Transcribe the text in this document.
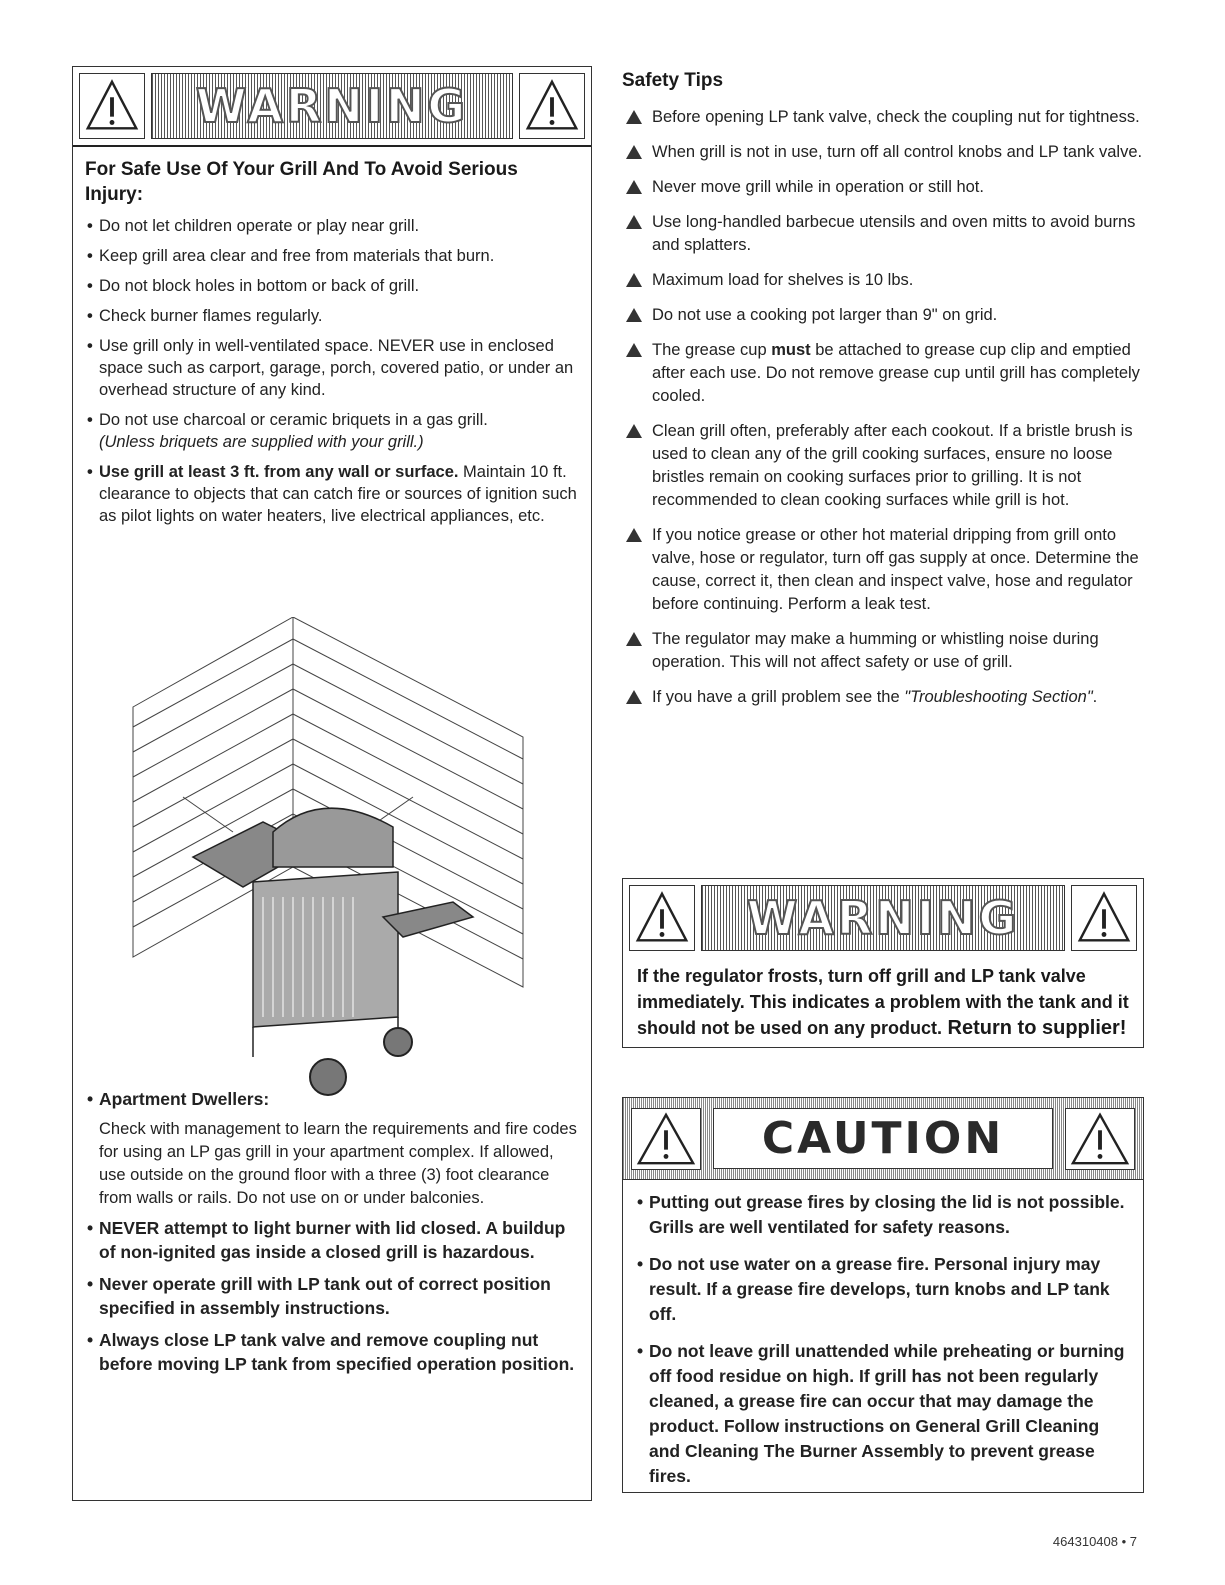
WARNING
For Safe Use Of Your Grill And To Avoid Serious Injury:
• Do not let children operate or play near grill.
• Keep grill area clear and free from materials that burn.
• Do not block holes in bottom or back of grill.
• Check burner flames regularly.
• Use grill only in well-ventilated space. NEVER use in enclosed space such as carport, garage, porch, covered patio, or under an overhead structure of any kind.
• Do not use charcoal or ceramic briquets in a gas grill.
(Unless briquets are supplied with your grill.)
• Use grill at least 3 ft. from any wall or surface. Maintain 10 ft. clearance to objects that can catch fire or sources of ignition such as pilot lights on water heaters, live electrical appliances, etc.
• Apartment Dwellers:

Check with management to learn the requirements and fire codes for using an LP gas grill in your apartment complex. If allowed, use outside on the ground floor with a three (3) foot clearance from walls or rails. Do not use on or under balconies.

• NEVER attempt to light burner with lid closed. A buildup of non-ignited gas inside a closed grill is hazardous.
• Never operate grill with LP tank out of correct position specified in assembly instructions.
• Always close LP tank valve and remove coupling nut before moving LP tank from specified operation position.
Safety Tips
Before opening LP tank valve, check the coupling nut for tightness.
When grill is not in use, turn off all control knobs and LP tank valve.
Never move grill while in operation or still hot.
Use long-handled barbecue utensils and oven mitts to avoid burns and splatters.
Maximum load for shelves is 10 lbs.
Do not use a cooking pot larger than 9" on grid.
The grease cup must be attached to grease cup clip and emptied after each use. Do not remove grease cup until grill has completely cooled.
Clean grill often, preferably after each cookout. If a bristle brush is used to clean any of the grill cooking surfaces, ensure no loose bristles remain on cooking surfaces prior to grilling. It is not recommended to clean cooking surfaces while grill is hot.
If you notice grease or other hot material dripping from grill onto valve, hose or regulator, turn off gas supply at once. Determine the cause, correct it, then clean and inspect valve, hose and regulator before continuing. Perform a leak test.
The regulator may make a humming or whistling noise during operation. This will not affect safety or use of grill.
If you have a grill problem see the "Troubleshooting Section".
WARNING
If the regulator frosts, turn off grill and LP tank valve immediately. This indicates a problem with the tank and it should not be used on any product. Return to supplier!
CAUTION
• Putting out grease fires by closing the lid is not possible. Grills are well ventilated for safety reasons.
• Do not use water on a grease fire. Personal injury may result. If a grease fire develops, turn knobs and LP tank off.
• Do not leave grill unattended while preheating or burning off food residue on high. If grill has not been regularly cleaned, a grease fire can occur that may damage the product. Follow instructions on General Grill Cleaning and Cleaning The Burner Assembly to prevent grease fires.
464310408 • 7
